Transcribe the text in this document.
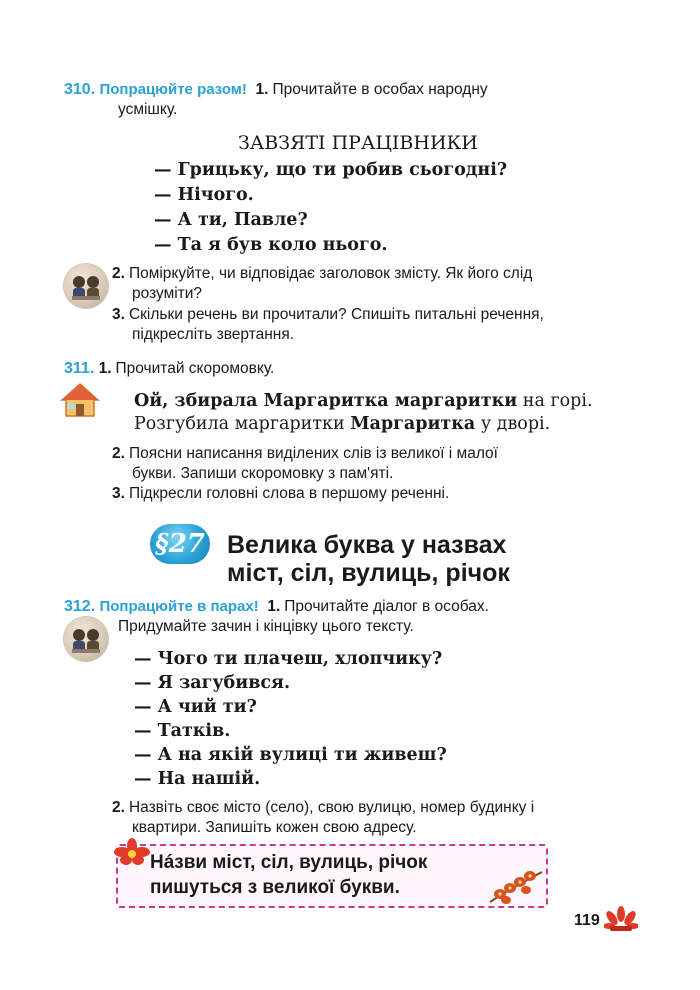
310. Попрацюйте разом! 1. Прочитайте в особах народну
усмішку.
ЗАВЗЯТІ ПРАЦІВНИКИ
— Грицьку, що ти робив сьогодні?
— Нічого.
— А ти, Павле?
— Та я був коло нього.
2. Поміркуйте, чи відповідає заголовок змісту. Як його слід
розуміти?
3. Скільки речень ви прочитали? Спишіть питальні речення,
підкресліть звертання.
311. 1. Прочитай скоромовку.
Ой, збирала Маргаритка маргаритки на горі.
Розгубила маргаритки Маргаритка у дворі.
2. Поясни написання виділених слів із великої і малої
букви. Запиши скоромовку з пам'яті.
3. Підкресли головні слова в першому реченні.
§27 Велика буква у назвах
міст, сіл, вулиць, річок
312. Попрацюйте в парах! 1. Прочитайте діалог в особах.
Придумайте зачин і кінцівку цього тексту.
— Чого ти плачеш, хлопчику?
— Я загубився.
— А чий ти?
— Татків.
— А на якій вулиці ти живеш?
— На нашій.
2. Назвіть своє місто (село), свою вулицю, номер будинку і
квартири. Запишіть кожен свою адресу.
Нáзви міст, сіл, вулиць, річок
пишуться з великої букви.
119
